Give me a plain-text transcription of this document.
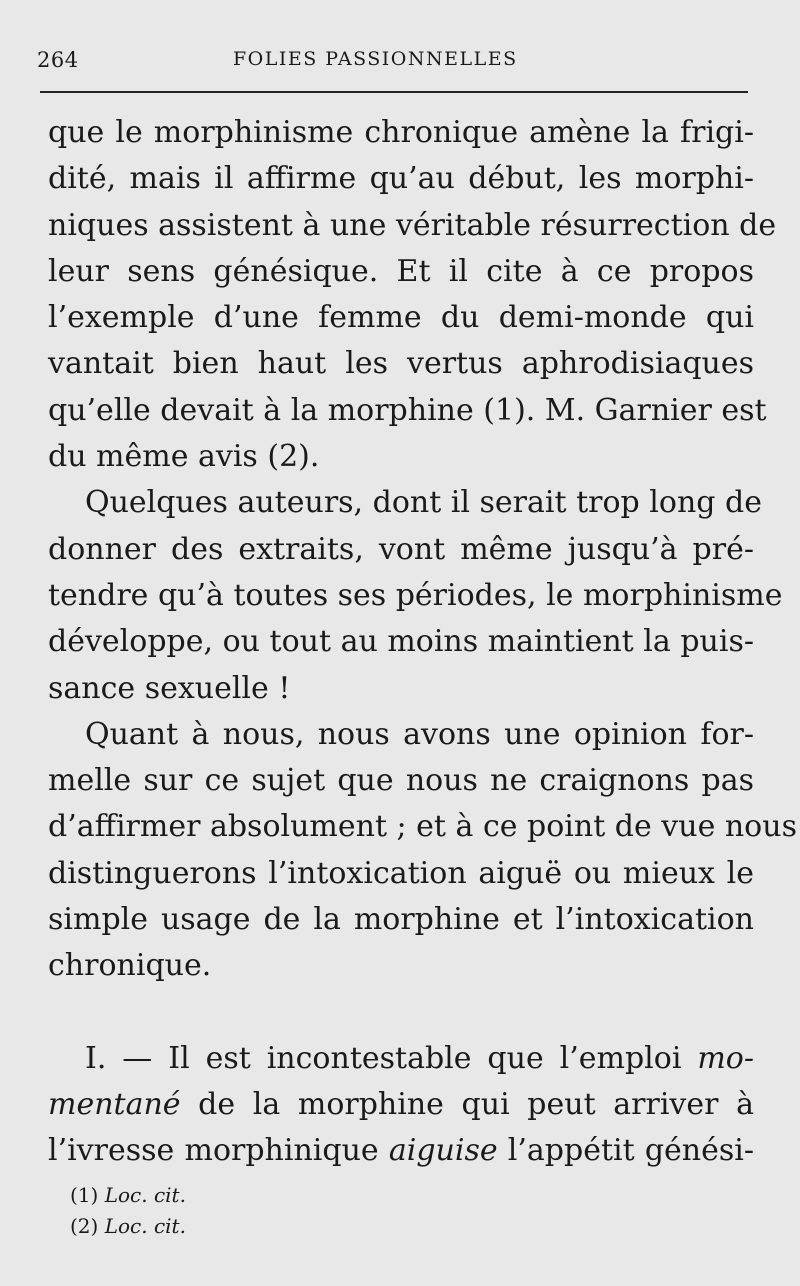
264	FOLIES PASSIONNELLES
que le morphinisme chronique amène la frigi-
dité, mais il affirme qu’au début, les morphi-
niques assistent à une véritable résurrection de
leur sens génésique. Et il cite à ce propos
l’exemple d’une femme du demi-monde qui
vantait bien haut les vertus aphrodisiaques
qu’elle devait à la morphine (1). M. Garnier est
du même avis (2).
Quelques auteurs, dont il serait trop long de
donner des extraits, vont même jusqu’à pré-
tendre qu’à toutes ses périodes, le morphinisme
développe, ou tout au moins maintient la puis-
sance sexuelle !
Quant à nous, nous avons une opinion for-
melle sur ce sujet que nous ne craignons pas
d’affirmer absolument ; et à ce point de vue nous
distinguerons l’intoxication aiguë ou mieux le
simple usage de la morphine et l’intoxication
chronique.
I. — Il est incontestable que l’emploi mo-
mentané de la morphine qui peut arriver à
l’ivresse morphinique aiguise l’appétit génési-
(1) Loc. cit.
(2) Loc. cit.
